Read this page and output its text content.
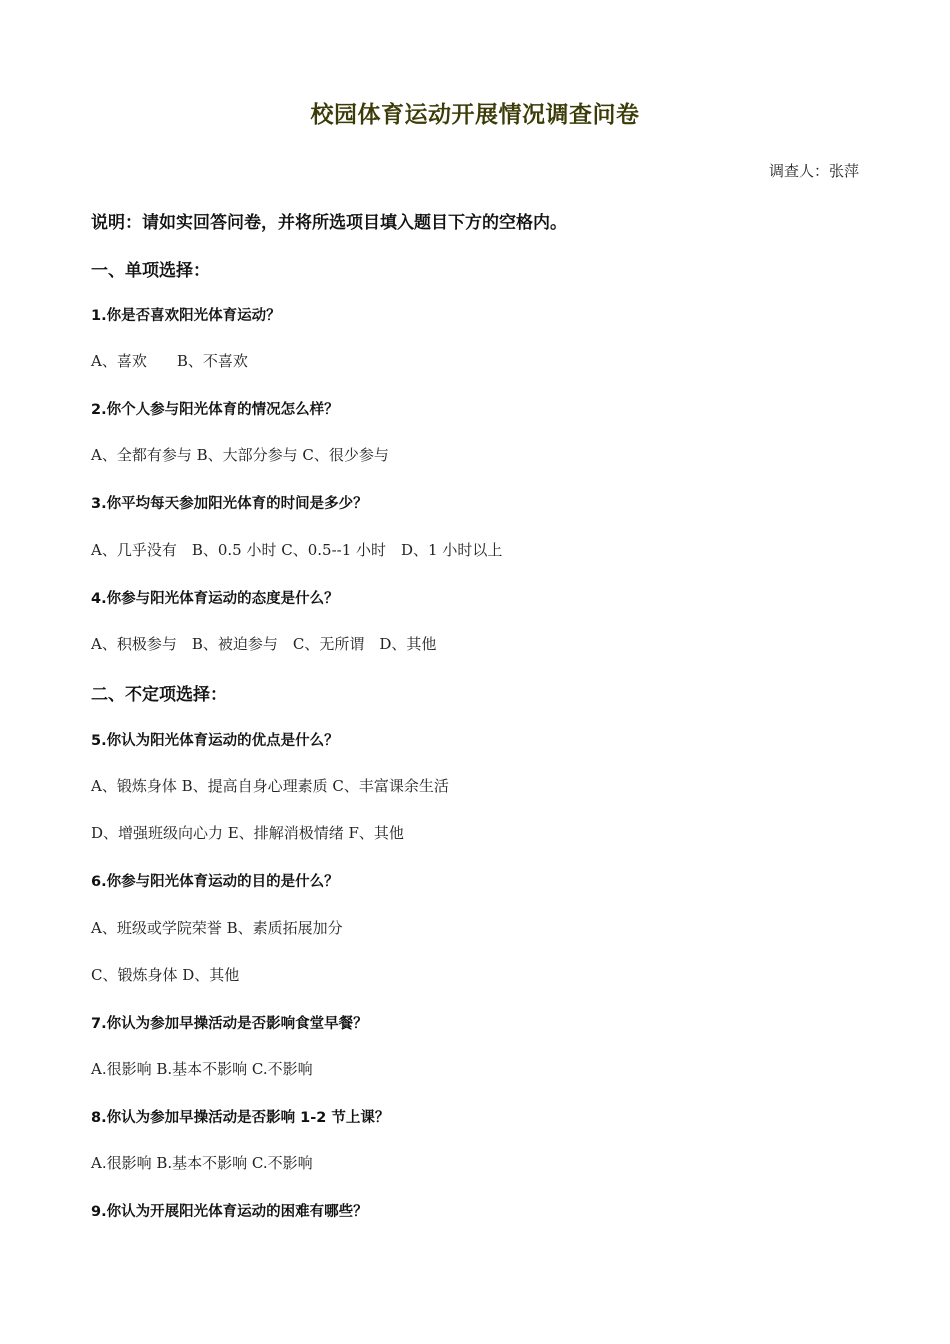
校园体育运动开展情况调查问卷
调查人：张萍
说明：请如实回答问卷，并将所选项目填入题目下方的空格内。
一、单项选择：
1.你是否喜欢阳光体育运动？
A、喜欢　　B、不喜欢
2.你个人参与阳光体育的情况怎么样？
A、全都有参与 B、大部分参与 C、很少参与
3.你平均每天参加阳光体育的时间是多少？
A、几乎没有　B、0.5 小时 C、0.5--1 小时　D、1 小时以上
4.你参与阳光体育运动的态度是什么？
A、积极参与　B、被迫参与　C、无所谓　D、其他
二、不定项选择：
5.你认为阳光体育运动的优点是什么？
A、锻炼身体 B、提高自身心理素质 C、丰富课余生活
D、增强班级向心力 E、排解消极情绪 F、其他
6.你参与阳光体育运动的目的是什么？
A、班级或学院荣誉 B、素质拓展加分
C、锻炼身体 D、其他
7.你认为参加早操活动是否影响食堂早餐？
A.很影响 B.基本不影响 C.不影响
8.你认为参加早操活动是否影响 1-2 节上课？
A.很影响 B.基本不影响 C.不影响
9.你认为开展阳光体育运动的困难有哪些？
